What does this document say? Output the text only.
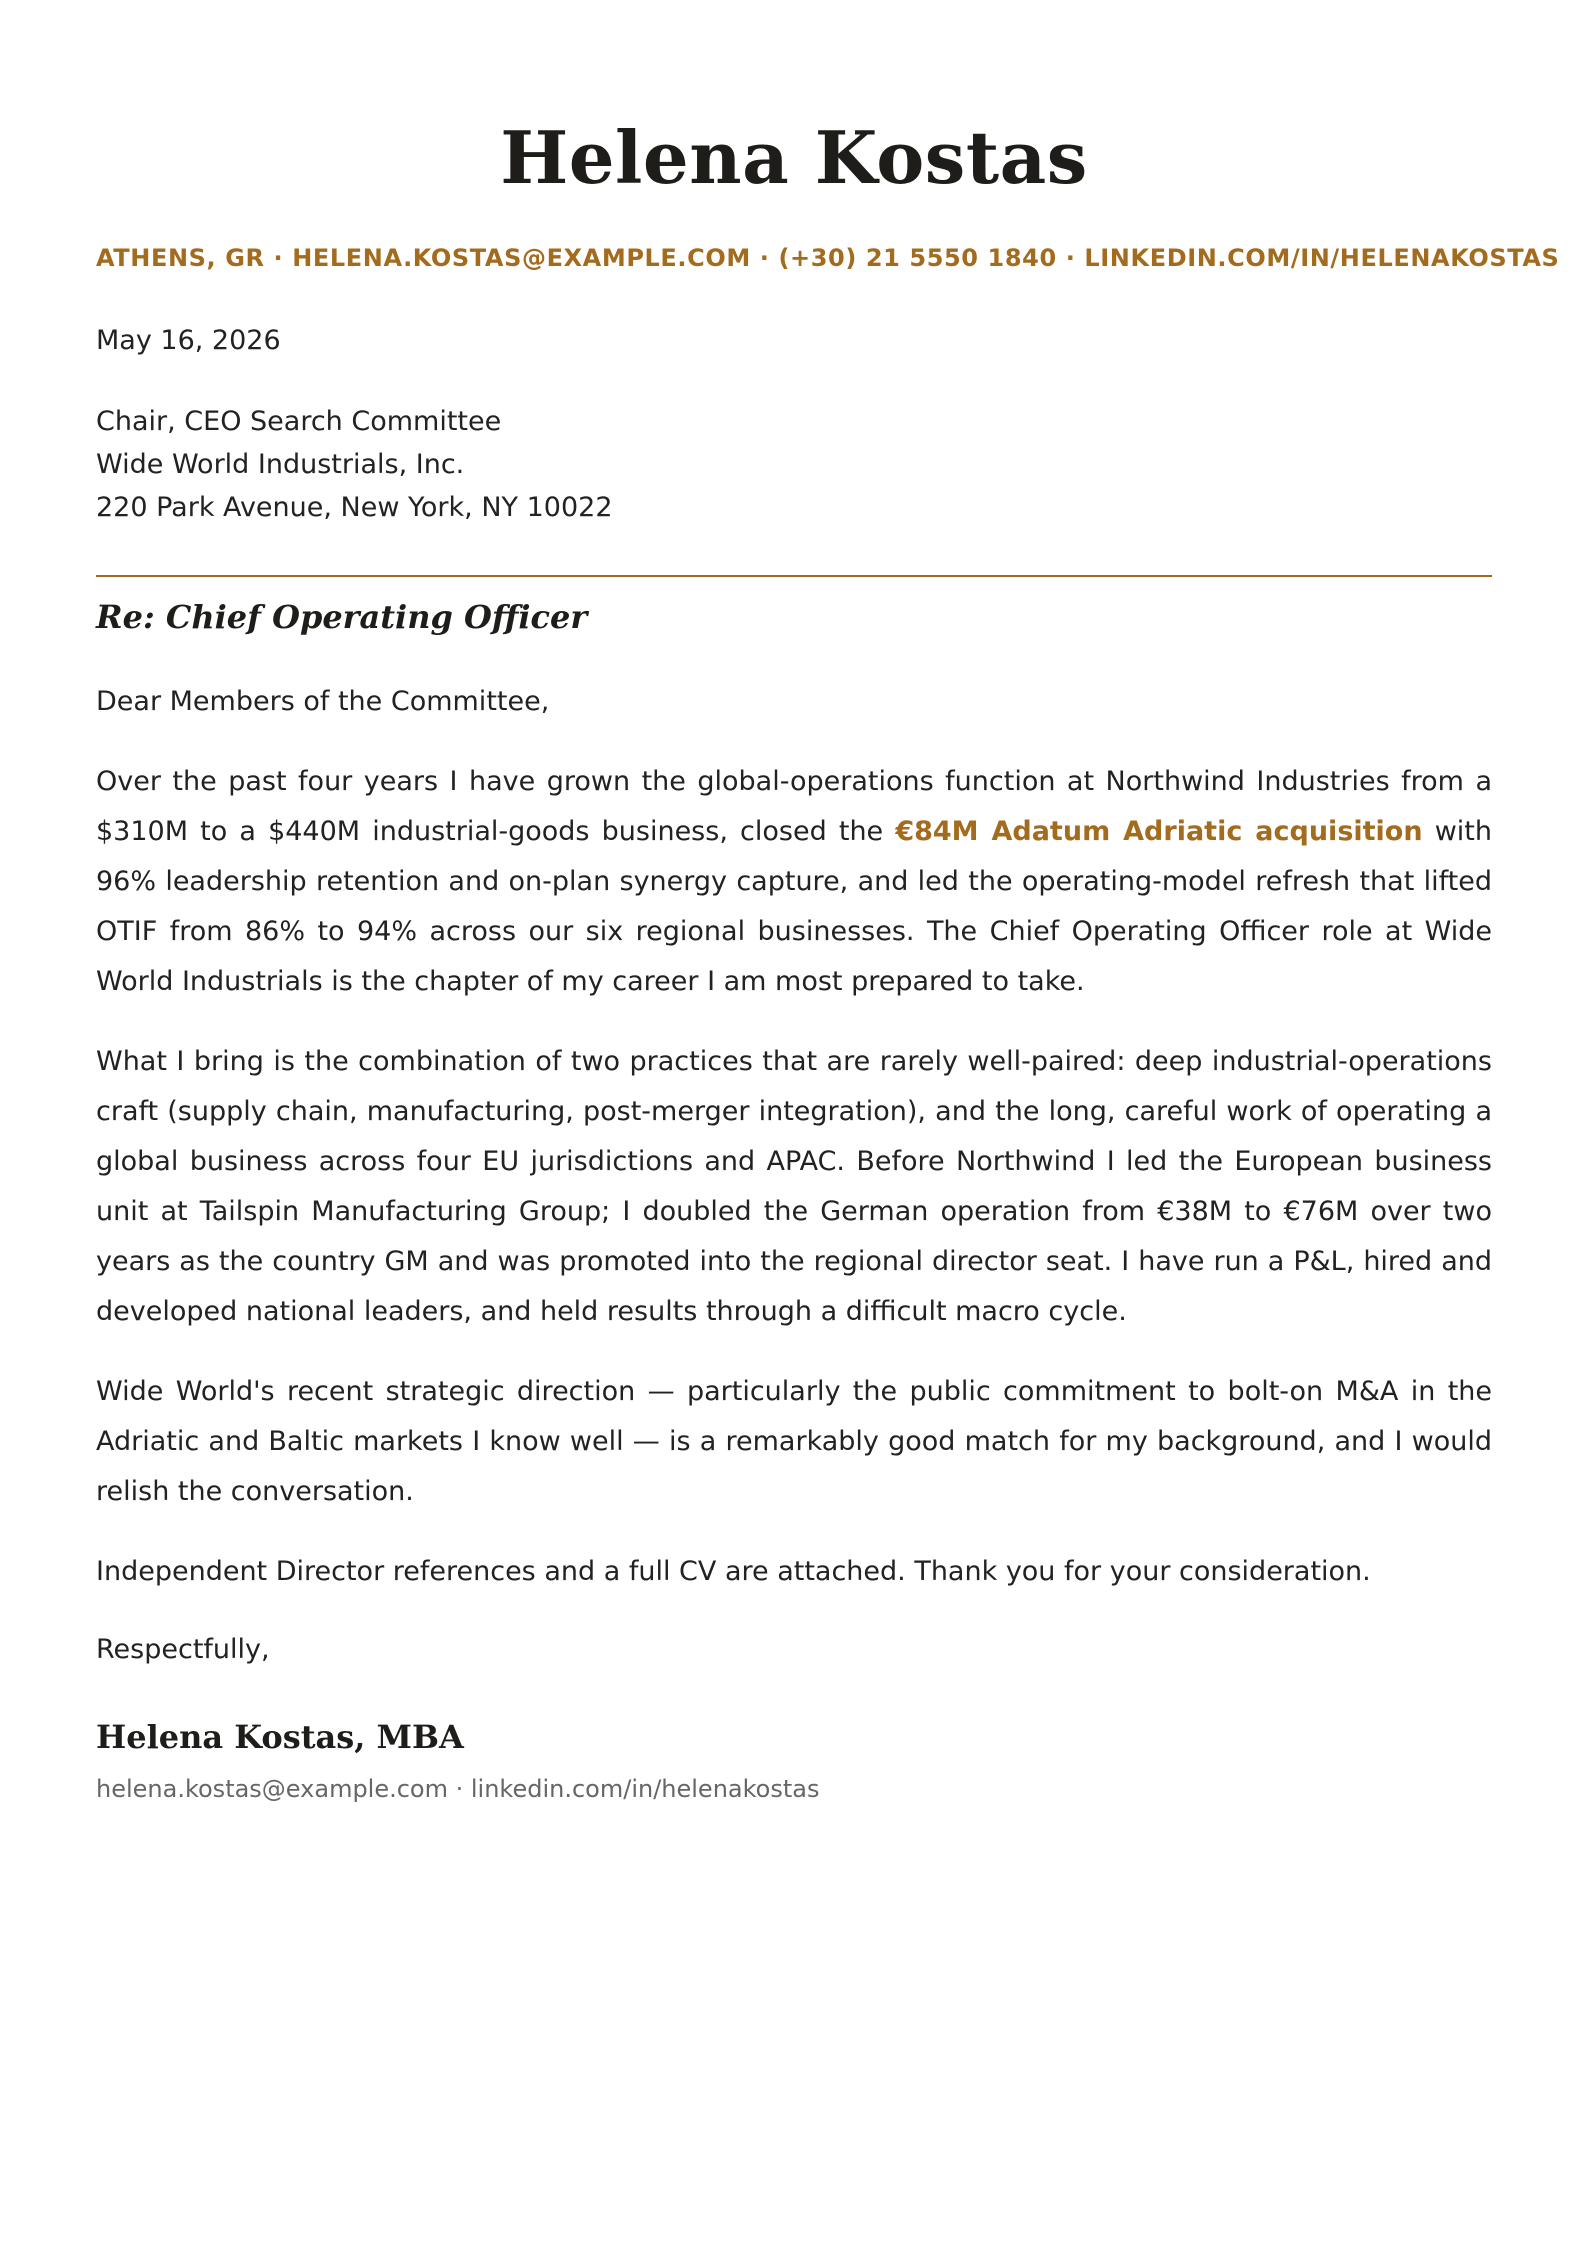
Helena Kostas
ATHENS, GR · HELENA.KOSTAS@EXAMPLE.COM · (+30) 21 5550 1840 · LINKEDIN.COM/IN/HELENAKOSTAS
May 16, 2026
Chair, CEO Search Committee
Wide World Industrials, Inc.
220 Park Avenue, New York, NY 10022
Re: Chief Operating Officer
Dear Members of the Committee,

Over the past four years I have grown the global-operations function at Northwind Industries from a $310M to a $440M industrial-goods business, closed the €84M Adatum Adriatic acquisition with 96% leadership retention and on-plan synergy capture, and led the operating-model refresh that lifted OTIF from 86% to 94% across our six regional businesses. The Chief Operating Officer role at Wide World Industrials is the chapter of my career I am most prepared to take.

What I bring is the combination of two practices that are rarely well-paired: deep industrial-operations craft (supply chain, manufacturing, post-merger integration), and the long, careful work of operating a global business across four EU jurisdictions and APAC. Before Northwind I led the European business unit at Tailspin Manufacturing Group; I doubled the German operation from €38M to €76M over two years as the country GM and was promoted into the regional director seat. I have run a P&L, hired and developed national leaders, and held results through a difficult macro cycle.

Wide World's recent strategic direction — particularly the public commitment to bolt-on M&A in the Adriatic and Baltic markets I know well — is a remarkably good match for my background, and I would relish the conversation.

Independent Director references and a full CV are attached. Thank you for your consideration.

Respectfully,
Helena Kostas, MBA
helena.kostas@example.com · linkedin.com/in/helenakostas
